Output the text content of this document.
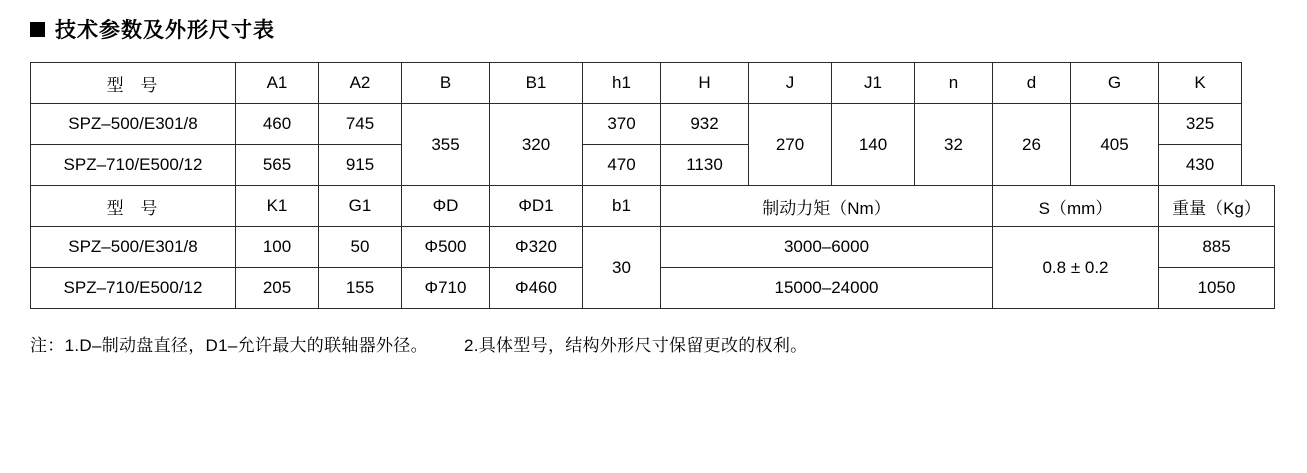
技术参数及外形尺寸表
型 号	A1	A2	B	B1	h1	H	J	J1	n	d	G	K
SPZ–500/E301/8	460	745	355	320	370	932	270	140	32	26	405	325
SPZ–710/E500/12	565	915			470	1130						430
型 号	K1	G1	ΦD	ΦD1	b1	制动力矩（Nm）				S（mm）		重量（Kg）
SPZ–500/E301/8	100	50	Φ500	Φ320	30	3000–6000				0.8 ± 0.2		885
SPZ–710/E500/12	205	155	Φ710	Φ460		15000–24000						1050
注：1.D–制动盘直径，D1–允许最大的联轴器外径。 2.具体型号，结构外形尺寸保留更改的权利。
